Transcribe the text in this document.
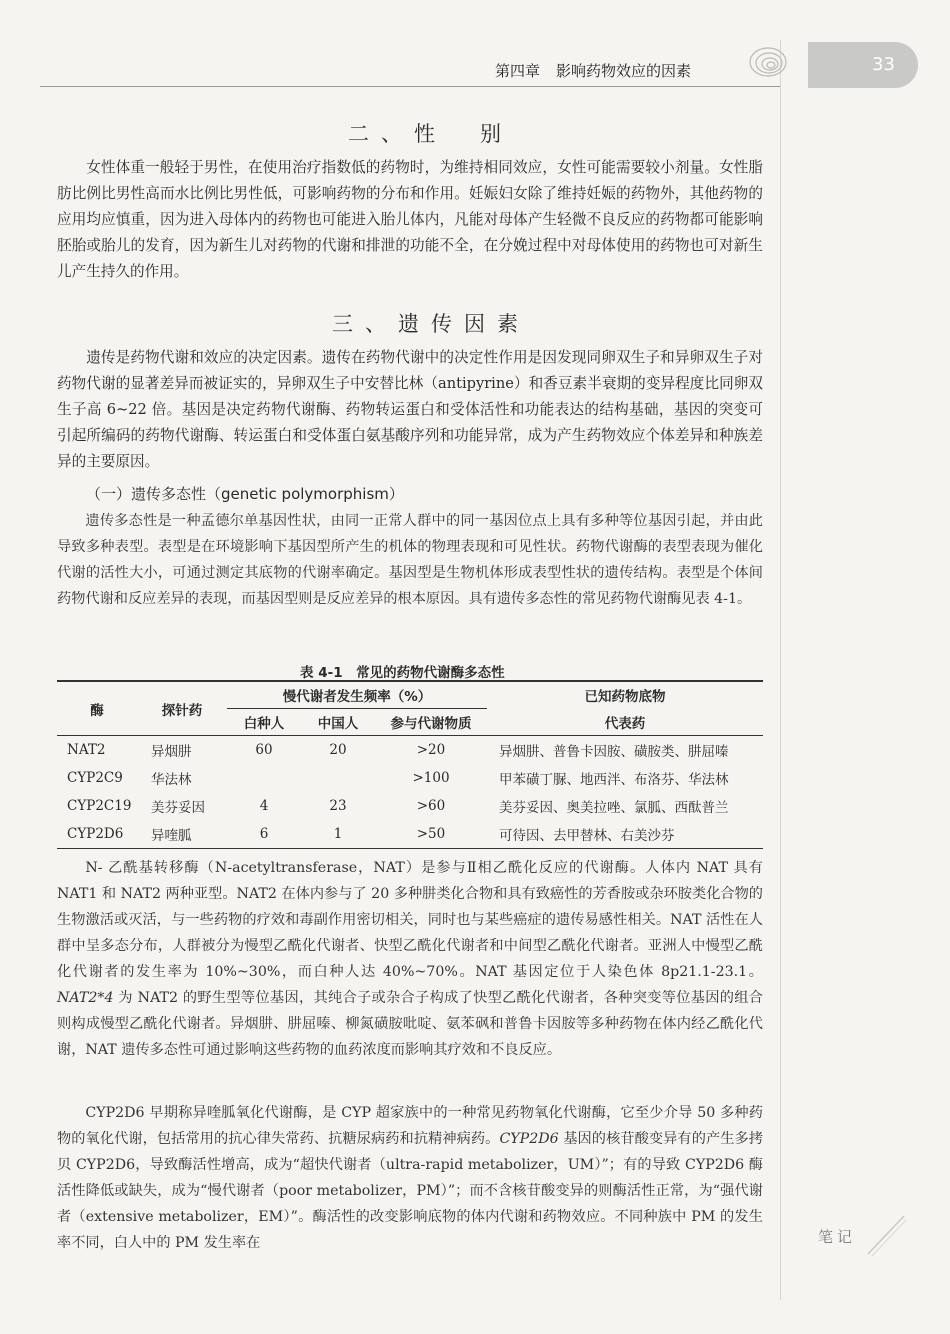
第四章 影响药物效应的因素	33
二、性　别

女性体重一般轻于男性，在使用治疗指数低的药物时，为维持相同效应，女性可能需要较小剂量。女性脂肪比例比男性高而水比例比男性低，可影响药物的分布和作用。妊娠妇女除了维持妊娠的药物外，其他药物的应用均应慎重，因为进入母体内的药物也可能进入胎儿体内，凡能对母体产生轻微不良反应的药物都可能影响胚胎或胎儿的发育，因为新生儿对药物的代谢和排泄的功能不全，在分娩过程中对母体使用的药物也可对新生儿产生持久的作用。

三、遗传因素

遗传是药物代谢和效应的决定因素。遗传在药物代谢中的决定性作用是因发现同卵双生子和异卵双生子对药物代谢的显著差异而被证实的，异卵双生子中安替比林（antipyrine）和香豆素半衰期的变异程度比同卵双生子高 6~22 倍。基因是决定药物代谢酶、药物转运蛋白和受体活性和功能表达的结构基础，基因的突变可引起所编码的药物代谢酶、转运蛋白和受体蛋白氨基酸序列和功能异常，成为产生药物效应个体差异和种族差异的主要原因。

（一）遗传多态性（genetic polymorphism）

遗传多态性是一种孟德尔单基因性状，由同一正常人群中的同一基因位点上具有多种等位基因引起，并由此导致多种表型。表型是在环境影响下基因型所产生的机体的物理表现和可见性状。药物代谢酶的表型表现为催化代谢的活性大小，可通过测定其底物的代谢率确定。基因型是生物机体形成表型性状的遗传结构。表型是个体间药物代谢和反应差异的表现，而基因型则是反应差异的根本原因。具有遗传多态性的常见药物代谢酶见表 4-1。

表 4-1　常见的药物代谢酶多态性
酶	探针药	慢代谢者发生频率（%）			已知药物底物
		白种人	中国人	参与代谢物质	代表药
NAT2	异烟肼	60	20	>20	异烟肼、普鲁卡因胺、磺胺类、肼屈嗪
CYP2C9	华法林			>100	甲苯磺丁脲、地西泮、布洛芬、华法林
CYP2C19	美芬妥因	4	23	>60	美芬妥因、奥美拉唑、氯胍、西酞普兰
CYP2D6	异喹胍	6	1	>50	可待因、去甲替林、右美沙芬

N- 乙酰基转移酶（N-acetyltransferase，NAT）是参与Ⅱ相乙酰化反应的代谢酶。人体内 NAT 具有 NAT1 和 NAT2 两种亚型。NAT2 在体内参与了 20 多种肼类化合物和具有致癌性的芳香胺或杂环胺类化合物的生物激活或灭活，与一些药物的疗效和毒副作用密切相关，同时也与某些癌症的遗传易感性相关。NAT 活性在人群中呈多态分布，人群被分为慢型乙酰化代谢者、快型乙酰化代谢者和中间型乙酰化代谢者。亚洲人中慢型乙酰化代谢者的发生率为 10%~30%，而白种人达 40%~70%。NAT 基因定位于人染色体 8p21.1-23.1。NAT2*4 为 NAT2 的野生型等位基因，其纯合子或杂合子构成了快型乙酰化代谢者，各种突变等位基因的组合则构成慢型乙酰化代谢者。异烟肼、肼屈嗪、柳氮磺胺吡啶、氨苯砜和普鲁卡因胺等多种药物在体内经乙酰化代谢，NAT 遗传多态性可通过影响这些药物的血药浓度而影响其疗效和不良反应。

CYP2D6 早期称异喹胍氧化代谢酶，是 CYP 超家族中的一种常见药物氧化代谢酶，它至少介导 50 多种药物的氧化代谢，包括常用的抗心律失常药、抗糖尿病药和抗精神病药。CYP2D6 基因的核苷酸变异有的产生多拷贝 CYP2D6，导致酶活性增高，成为“超快代谢者（ultra-rapid metabolizer，UM）”；有的导致 CYP2D6 酶活性降低或缺失，成为“慢代谢者（poor metabolizer，PM）”；而不含核苷酸变异的则酶活性正常，为“强代谢者（extensive metabolizer，EM）”。酶活性的改变影响底物的体内代谢和药物效应。不同种族中 PM 的发生率不同，白人中的 PM 发生率在	笔记
